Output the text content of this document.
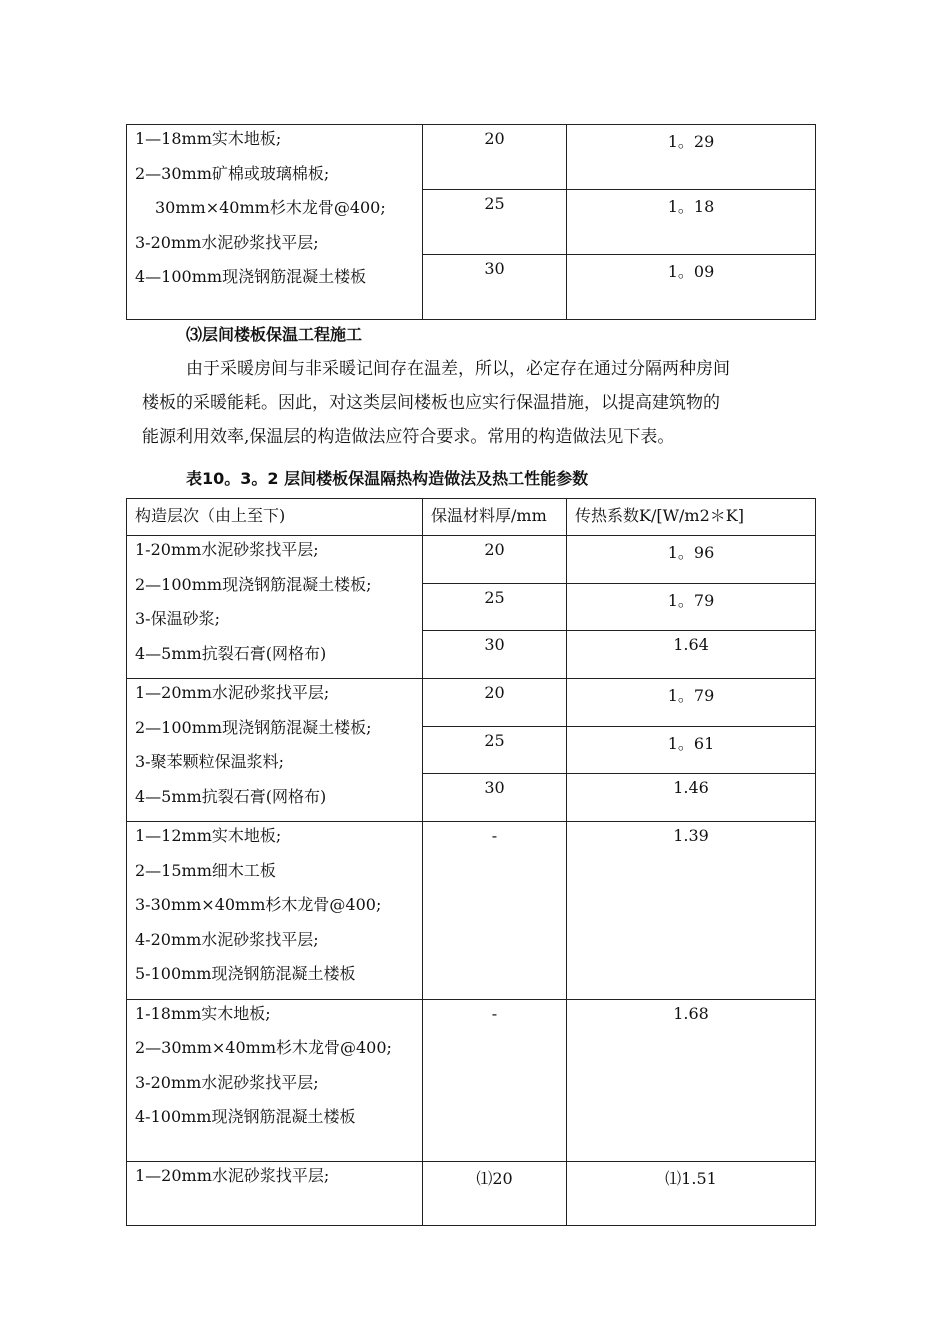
1—18mm实木地板;
2—30mm矿棉或玻璃棉板;
30mm×40mm杉木龙骨@400;
3-20mm水泥砂浆找平层;
4—100mm现浇钢筋混凝土楼板	20	1。29
	25	1。18
	30	1。09
⑶层间楼板保温工程施工

由于采暖房间与非采暖记间存在温差，所以，必定存在通过分隔两种房间

楼板的采暖能耗。因此，对这类层间楼板也应实行保温措施，以提高建筑物的

能源利用效率,保温层的构造做法应符合要求。常用的构造做法见下表。

表10。3。2 层间楼板保温隔热构造做法及热工性能参数
构造层次（由上至下)	保温材料厚/mm	传热系数K/[W/m2＊K]

1-20mm水泥砂浆找平层;
2—100mm现浇钢筋混凝土楼板;
3-保温砂浆;
4—5mm抗裂石膏(网格布)	20	1。96
	25	1。79
	30	1.64

1—20mm水泥砂浆找平层;
2—100mm现浇钢筋混凝土楼板;
3-聚苯颗粒保温浆料;
4—5mm抗裂石膏(网格布)	20	1。79
	25	1。61
	30	1.46

1—12mm实木地板;
2—15mm细木工板
3-30mm×40mm杉木龙骨@400;
4-20mm水泥砂浆找平层;
5-100mm现浇钢筋混凝土楼板	-	1.39

1-18mm实木地板;
2—30mm×40mm杉木龙骨@400;
3-20mm水泥砂浆找平层;
4-100mm现浇钢筋混凝土楼板	-	1.68

1—20mm水泥砂浆找平层;	⑴20	⑴1.51
